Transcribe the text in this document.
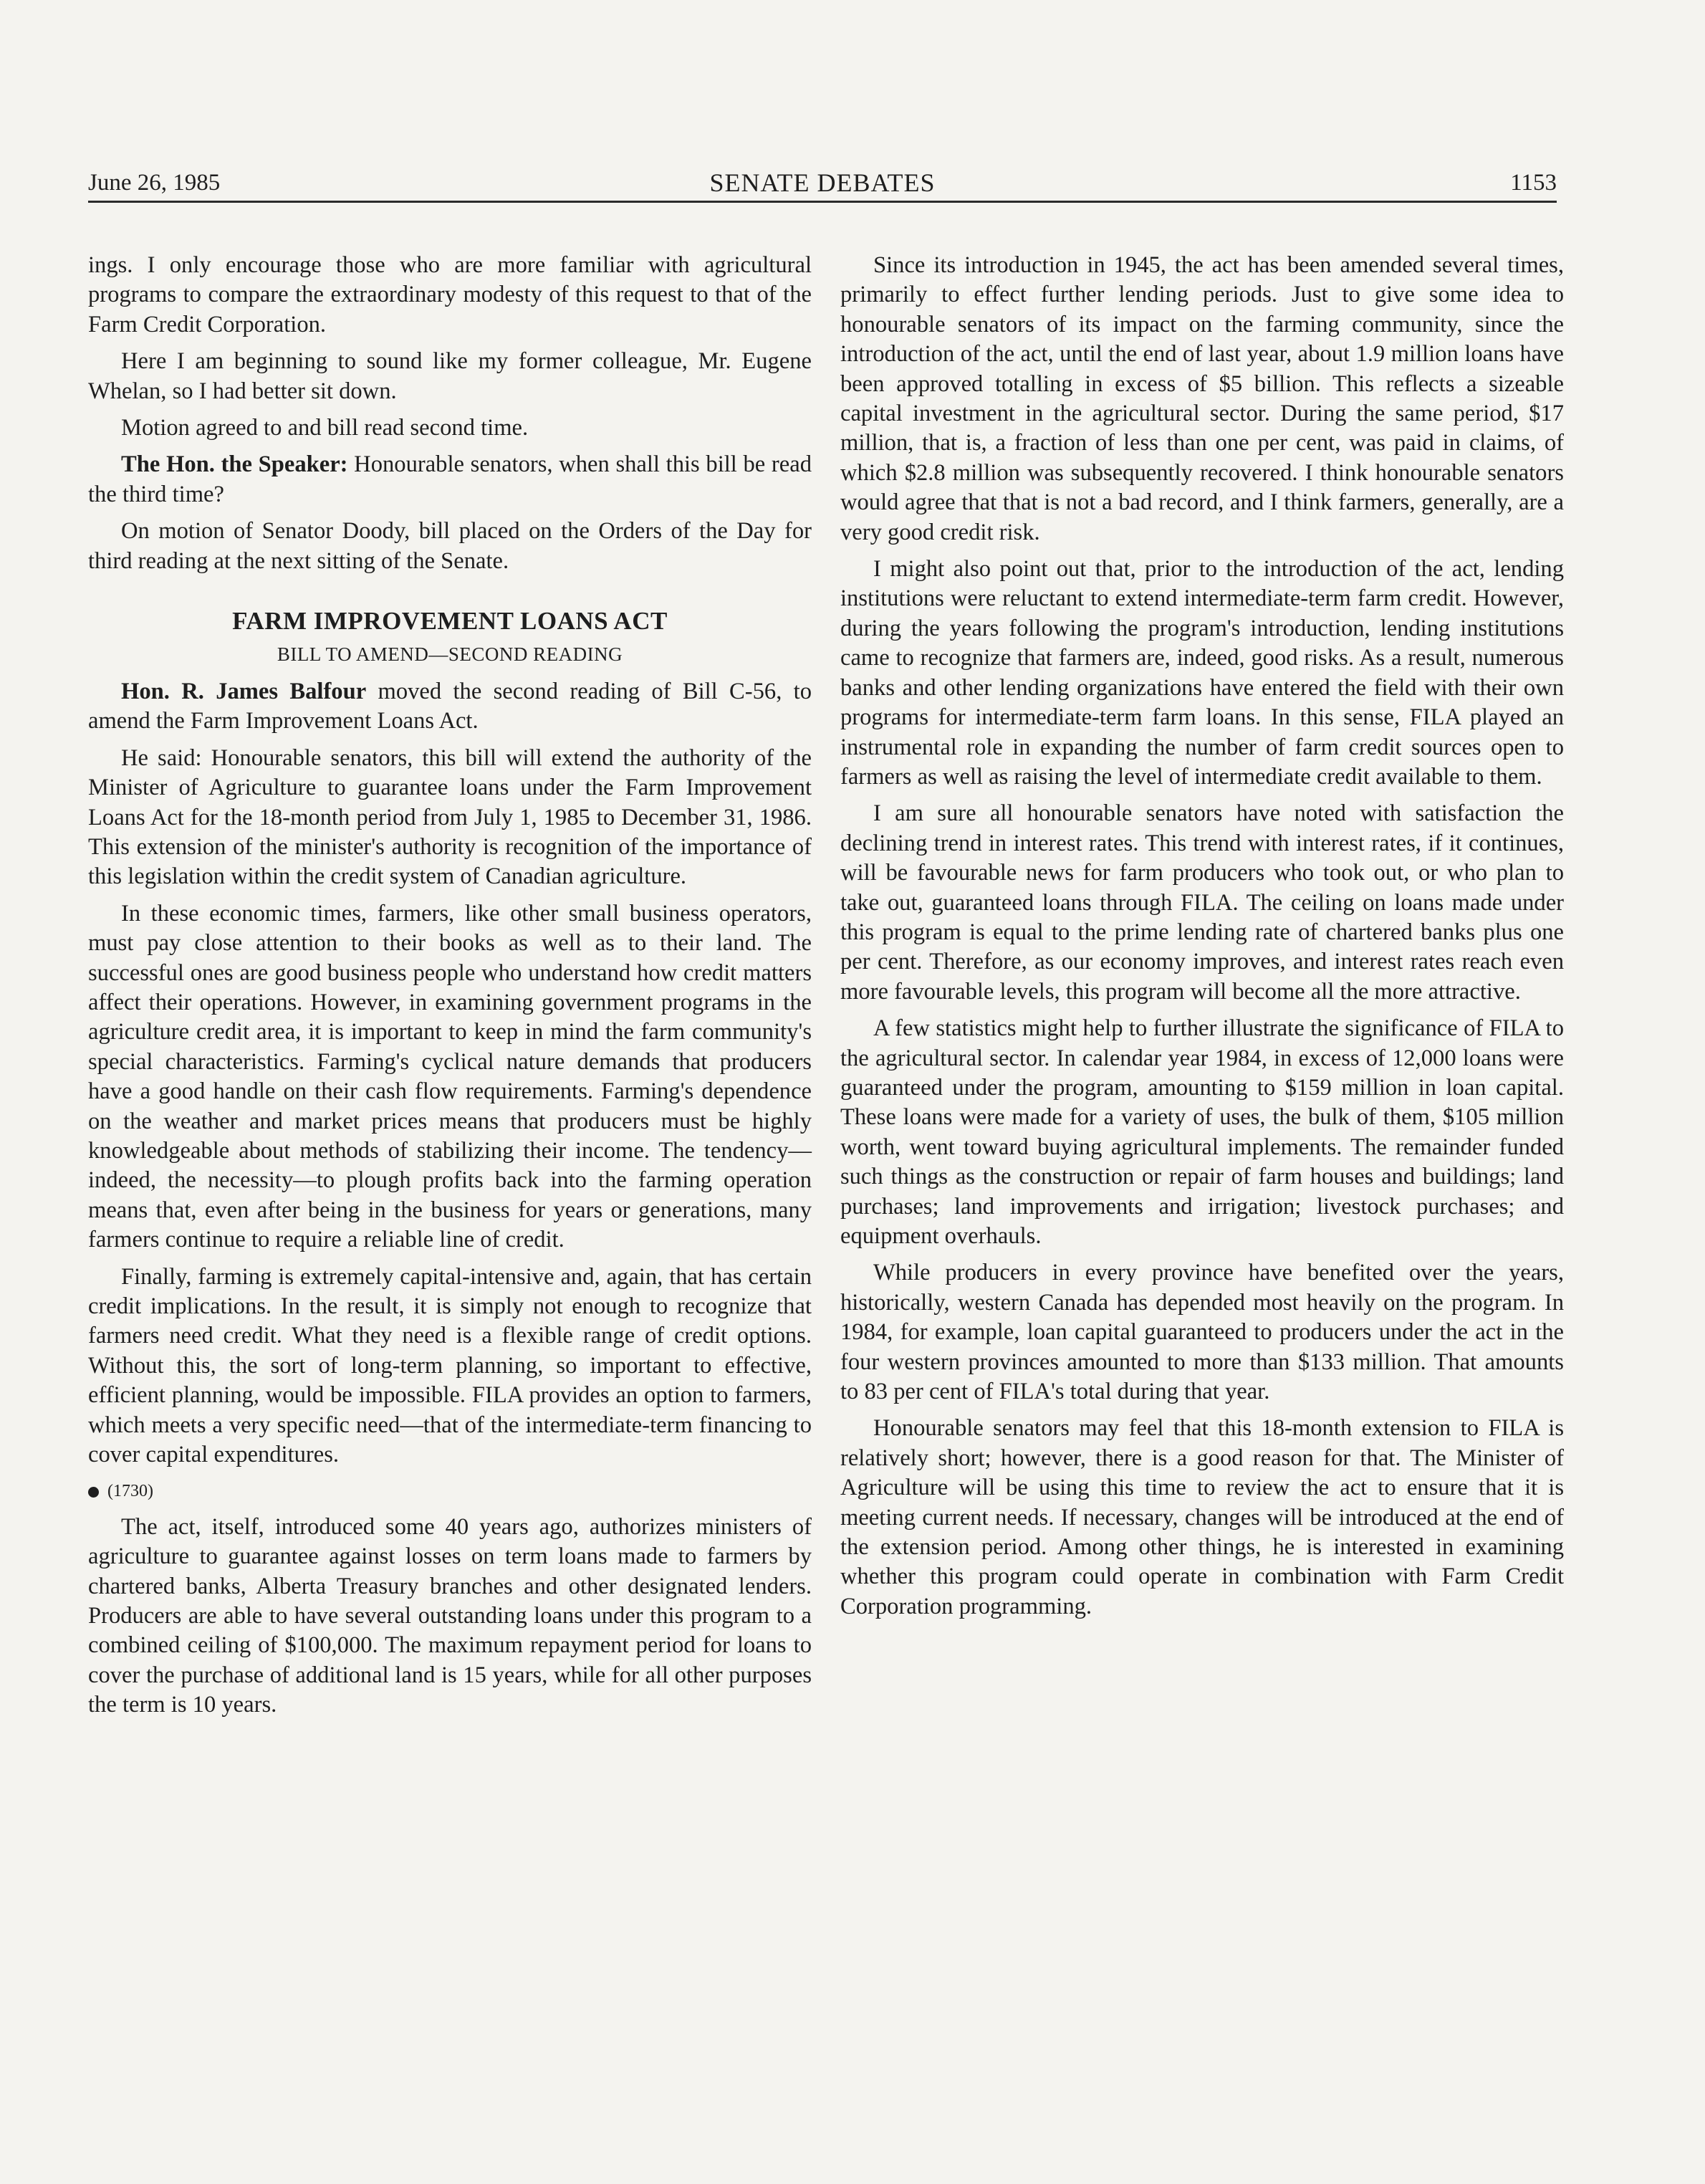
June 26, 1985	SENATE DEBATES	1153

ings. I only encourage those who are more familiar with agricultural programs to compare the extraordinary modesty of this request to that of the Farm Credit Corporation.

Here I am beginning to sound like my former colleague, Mr. Eugene Whelan, so I had better sit down.

Motion agreed to and bill read second time.

The Hon. the Speaker: Honourable senators, when shall this bill be read the third time?

On motion of Senator Doody, bill placed on the Orders of the Day for third reading at the next sitting of the Senate.

FARM IMPROVEMENT LOANS ACT
BILL TO AMEND—SECOND READING

Hon. R. James Balfour moved the second reading of Bill C-56, to amend the Farm Improvement Loans Act.

He said: Honourable senators, this bill will extend the authority of the Minister of Agriculture to guarantee loans under the Farm Improvement Loans Act for the 18-month period from July 1, 1985 to December 31, 1986. This extension of the minister's authority is recognition of the importance of this legislation within the credit system of Canadian agriculture.

In these economic times, farmers, like other small business operators, must pay close attention to their books as well as to their land. The successful ones are good business people who understand how credit matters affect their operations. However, in examining government programs in the agriculture credit area, it is important to keep in mind the farm community's special characteristics. Farming's cyclical nature demands that producers have a good handle on their cash flow requirements. Farming's dependence on the weather and market prices means that producers must be highly knowledgeable about methods of stabilizing their income. The tendency—indeed, the necessity—to plough profits back into the farming operation means that, even after being in the business for years or generations, many farmers continue to require a reliable line of credit.

Finally, farming is extremely capital-intensive and, again, that has certain credit implications. In the result, it is simply not enough to recognize that farmers need credit. What they need is a flexible range of credit options. Without this, the sort of long-term planning, so important to effective, efficient planning, would be impossible. FILA provides an option to farmers, which meets a very specific need—that of the intermediate-term financing to cover capital expenditures.

(1730)

The act, itself, introduced some 40 years ago, authorizes ministers of agriculture to guarantee against losses on term loans made to farmers by chartered banks, Alberta Treasury branches and other designated lenders. Producers are able to have several outstanding loans under this program to a combined ceiling of $100,000. The maximum repayment period for loans to cover the purchase of additional land is 15 years, while for all other purposes the term is 10 years.

Since its introduction in 1945, the act has been amended several times, primarily to effect further lending periods. Just to give some idea to honourable senators of its impact on the farming community, since the introduction of the act, until the end of last year, about 1.9 million loans have been approved totalling in excess of $5 billion. This reflects a sizeable capital investment in the agricultural sector. During the same period, $17 million, that is, a fraction of less than one per cent, was paid in claims, of which $2.8 million was subsequently recovered. I think honourable senators would agree that that is not a bad record, and I think farmers, generally, are a very good credit risk.

I might also point out that, prior to the introduction of the act, lending institutions were reluctant to extend intermediate-term farm credit. However, during the years following the program's introduction, lending institutions came to recognize that farmers are, indeed, good risks. As a result, numerous banks and other lending organizations have entered the field with their own programs for intermediate-term farm loans. In this sense, FILA played an instrumental role in expanding the number of farm credit sources open to farmers as well as raising the level of intermediate credit available to them.

I am sure all honourable senators have noted with satisfaction the declining trend in interest rates. This trend with interest rates, if it continues, will be favourable news for farm producers who took out, or who plan to take out, guaranteed loans through FILA. The ceiling on loans made under this program is equal to the prime lending rate of chartered banks plus one per cent. Therefore, as our economy improves, and interest rates reach even more favourable levels, this program will become all the more attractive.

A few statistics might help to further illustrate the significance of FILA to the agricultural sector. In calendar year 1984, in excess of 12,000 loans were guaranteed under the program, amounting to $159 million in loan capital. These loans were made for a variety of uses, the bulk of them, $105 million worth, went toward buying agricultural implements. The remainder funded such things as the construction or repair of farm houses and buildings; land purchases; land improvements and irrigation; livestock purchases; and equipment overhauls.

While producers in every province have benefited over the years, historically, western Canada has depended most heavily on the program. In 1984, for example, loan capital guaranteed to producers under the act in the four western provinces amounted to more than $133 million. That amounts to 83 per cent of FILA's total during that year.

Honourable senators may feel that this 18-month extension to FILA is relatively short; however, there is a good reason for that. The Minister of Agriculture will be using this time to review the act to ensure that it is meeting current needs. If necessary, changes will be introduced at the end of the extension period. Among other things, he is interested in examining whether this program could operate in combination with Farm Credit Corporation programming.
